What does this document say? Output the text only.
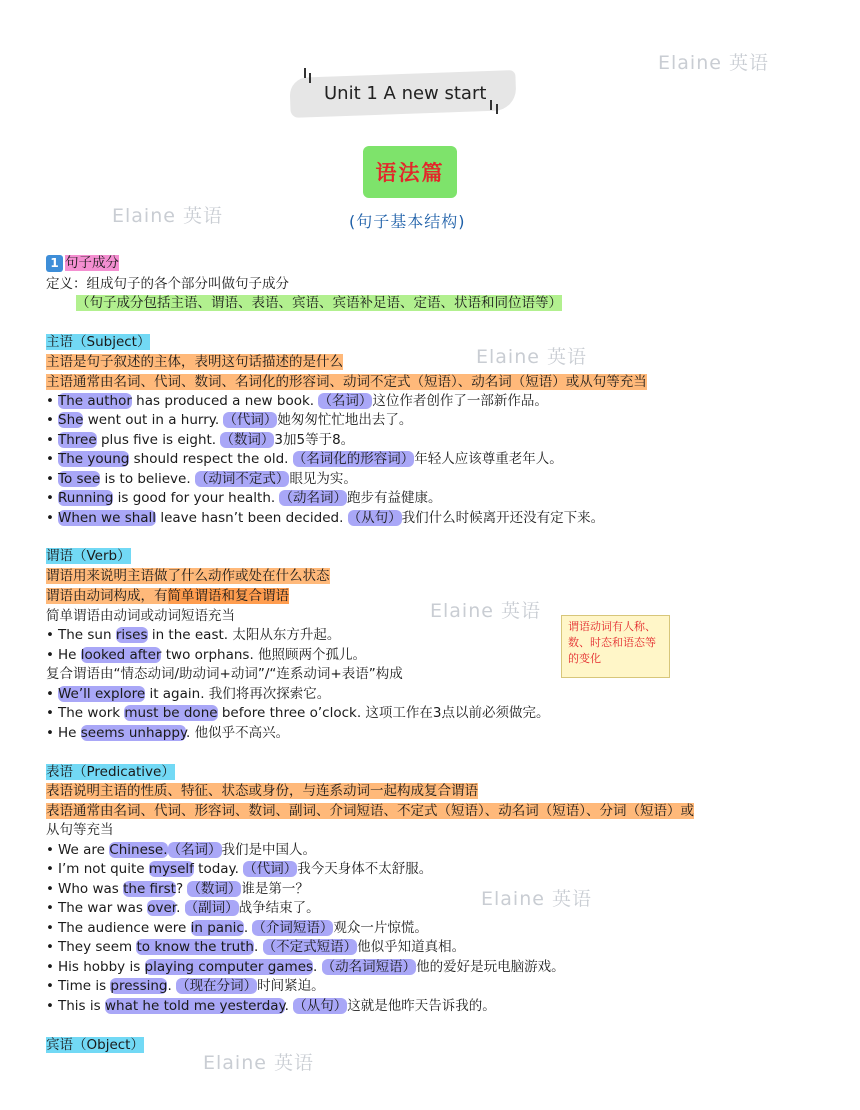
Elaine 英语
Elaine 英语
Elaine 英语
Elaine 英语
Elaine 英语
Elaine 英语
Unit 1 A new start
语法篇
(句子基本结构)
1 句子成分
定义：组成句子的各个部分叫做句子成分
（句子成分包括主语、谓语、表语、宾语、宾语补足语、定语、状语和同位语等）
主语（Subject）
主语是句子叙述的主体，表明这句话描述的是什么
主语通常由名词、代词、数词、名词化的形容词、动词不定式（短语）、动名词（短语）或从句等充当
• The author has produced a new book. （名词）这位作者创作了一部新作品。
• She went out in a hurry. （代词）她匆匆忙忙地出去了。
• Three plus five is eight. （数词）3加5等于8。
• The young should respect the old. （名词化的形容词）年轻人应该尊重老年人。
• To see is to believe. （动词不定式）眼见为实。
• Running is good for your health. （动名词）跑步有益健康。
• When we shall leave hasn’t been decided. （从句）我们什么时候离开还没有定下来。
谓语（Verb）
谓语用来说明主语做了什么动作或处在什么状态
谓语由动词构成，有简单谓语和复合谓语
简单谓语由动词或动词短语充当
• The sun rises in the east. 太阳从东方升起。
• He looked after two orphans. 他照顾两个孤儿。
复合谓语由“情态动词/助动词+动词”/“连系动词+表语”构成
• We’ll explore it again. 我们将再次探索它。
• The work must be done before three o’clock. 这项工作在3点以前必须做完。
• He seems unhappy. 他似乎不高兴。
谓语动词有人称、数、时态和语态等的变化
表语（Predicative）
表语说明主语的性质、特征、状态或身份，与连系动词一起构成复合谓语
表语通常由名词、代词、形容词、数词、副词、介词短语、不定式（短语）、动名词（短语）、分词（短语）或
从句等充当
• We are Chinese.（名词）我们是中国人。
• I’m not quite myself today. （代词）我今天身体不太舒服。
• Who was the first? （数词）谁是第一？
• The war was over. （副词）战争结束了。
• The audience were in panic. （介词短语）观众一片惊慌。
• They seem to know the truth. （不定式短语）他似乎知道真相。
• His hobby is playing computer games. （动名词短语）他的爱好是玩电脑游戏。
• Time is pressing. （现在分词）时间紧迫。
• This is what he told me yesterday. （从句）这就是他昨天告诉我的。
宾语（Object）
